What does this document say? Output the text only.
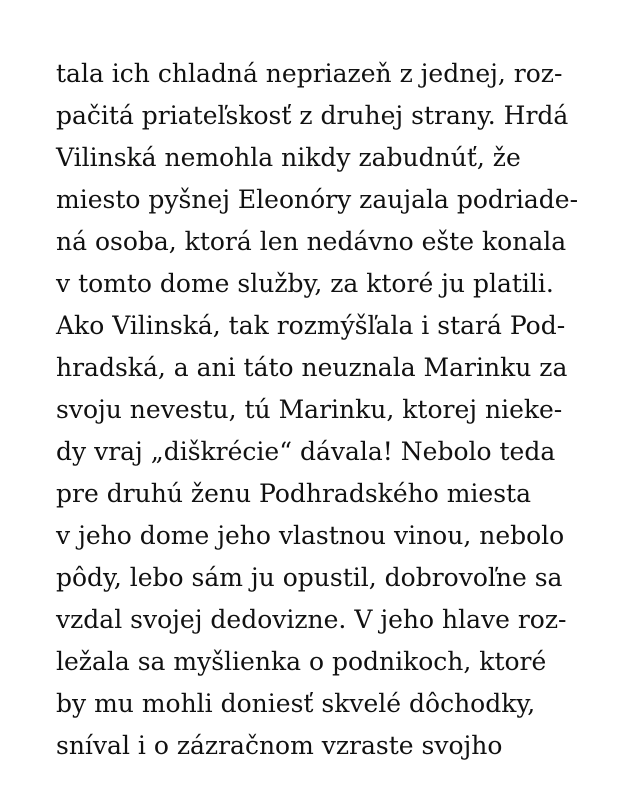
tala ich chladná nepriazeň z jednej, roz-
pačitá priateľskosť z druhej strany. Hrdá
Vilinská nemohla nikdy zabudnúť, že
miesto pyšnej Eleonóry zaujala podriade-
ná osoba, ktorá len nedávno ešte konala
v tomto dome služby, za ktoré ju platili.
Ako Vilinská, tak rozmýšľala i stará Pod-
hradská, a ani táto neuznala Marinku za
svoju nevestu, tú Marinku, ktorej nieke-
dy vraj „diškrécie“ dávala! Nebolo teda
pre druhú ženu Podhradského miesta
v jeho dome jeho vlastnou vinou, nebolo
pôdy, lebo sám ju opustil, dobrovoľne sa
vzdal svojej dedovizne. V jeho hlave roz-
ležala sa myšlienka o podnikoch, ktoré
by mu mohli doniesť skvelé dôchodky,
sníval i o zázračnom vzraste svojho
